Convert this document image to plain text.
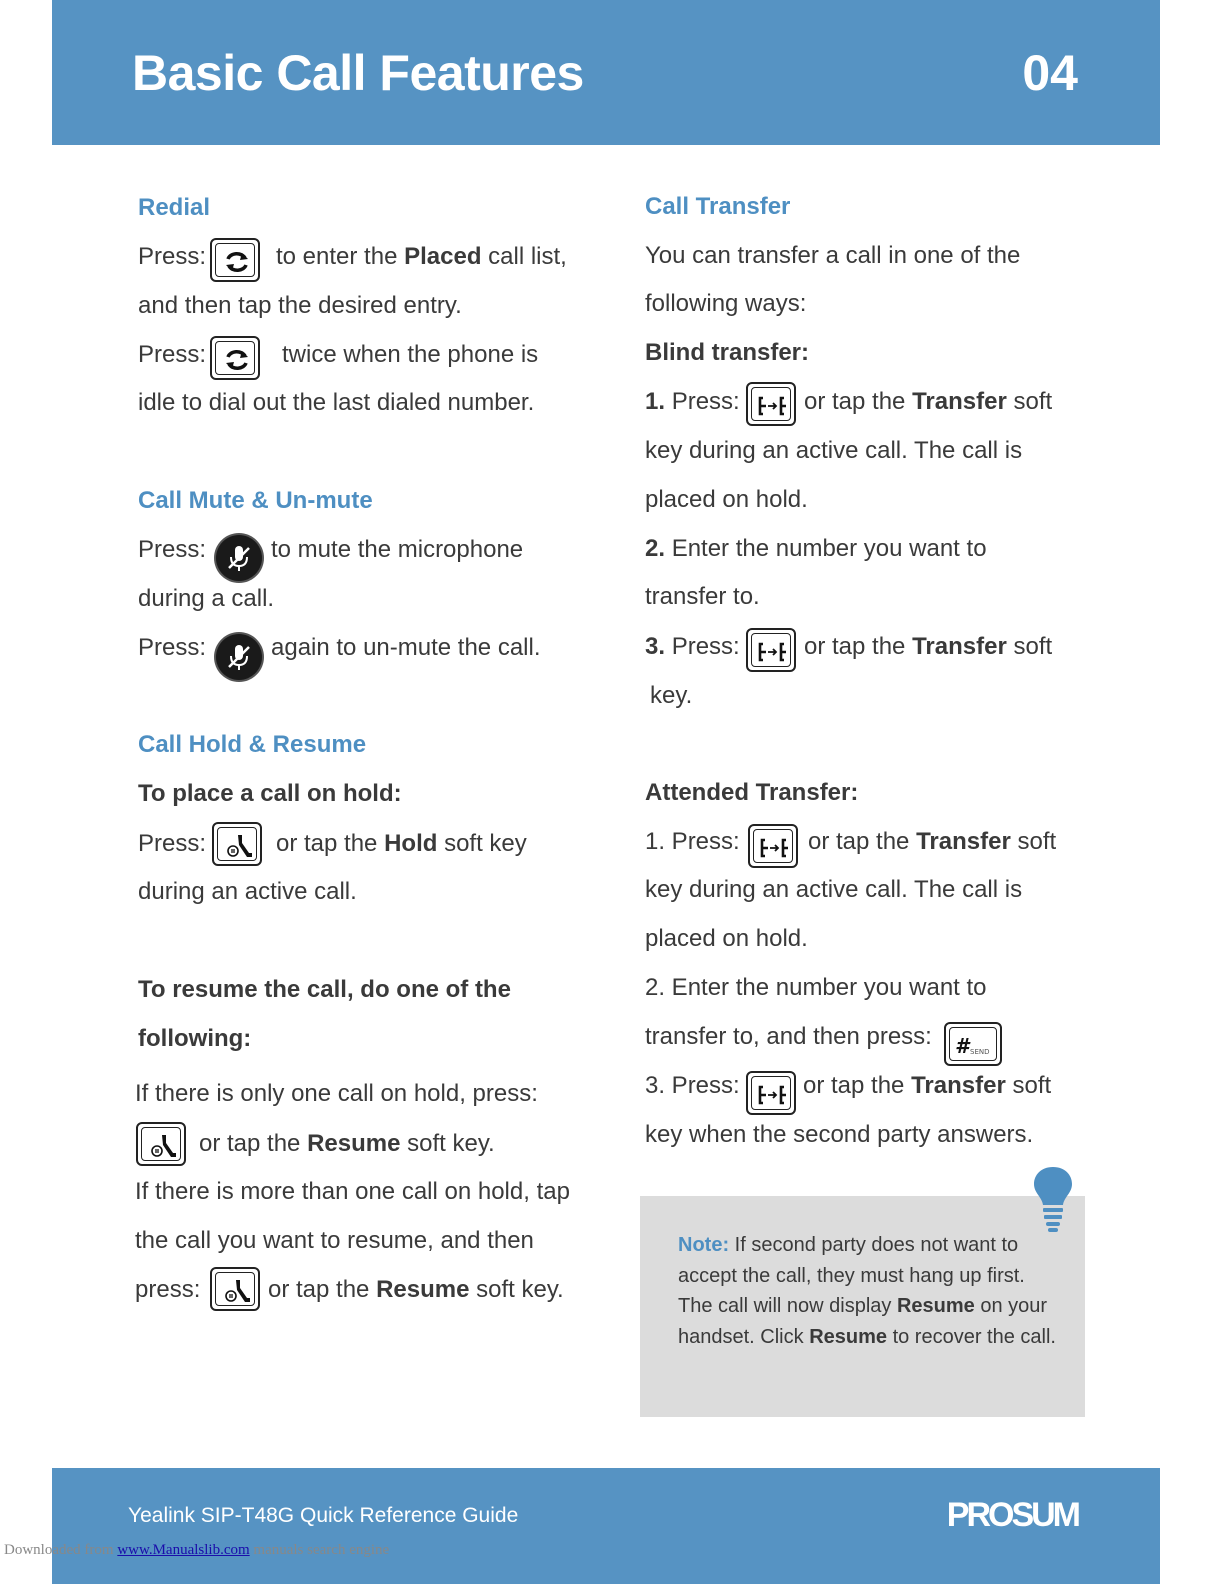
Basic Call Features	04
Redial
Press:	to enter the Placed call list,
and then tap the desired entry.
Press:	twice when the phone is
idle to dial out the last dialed number.
Call Mute & Un-mute
Press:	to mute the microphone
during a call.
Press:	again to un-mute the call.
Call Hold & Resume
To place a call on hold:
Press:	or tap the Hold soft key
during an active call.
To resume the call, do one of the
following:
If there is only one call on hold, press:
or tap the Resume soft key.
If there is more than one call on hold, tap
the call you want to resume, and then
press:	or tap the Resume soft key.
Call Transfer
You can transfer a call in one of the
following ways:
Blind transfer:
1. Press:	or tap the Transfer soft
key during an active call. The call is
placed on hold.
2. Enter the number you want to
transfer to.
3. Press:	or tap the Transfer soft
key.
Attended Transfer:
1. Press:	or tap the Transfer soft
key during an active call. The call is
placed on hold.
2. Enter the number you want to
transfer to, and then press: # SEND
3. Press:	or tap the Transfer soft
key when the second party answers.
Note: If second party does not want to accept the call, they must hang up first. The call will now display Resume on your handset. Click Resume to recover the call.
Yealink SIP-T48G Quick Reference Guide	PROSUM
Downloaded from www.Manualslib.com manuals search engine
